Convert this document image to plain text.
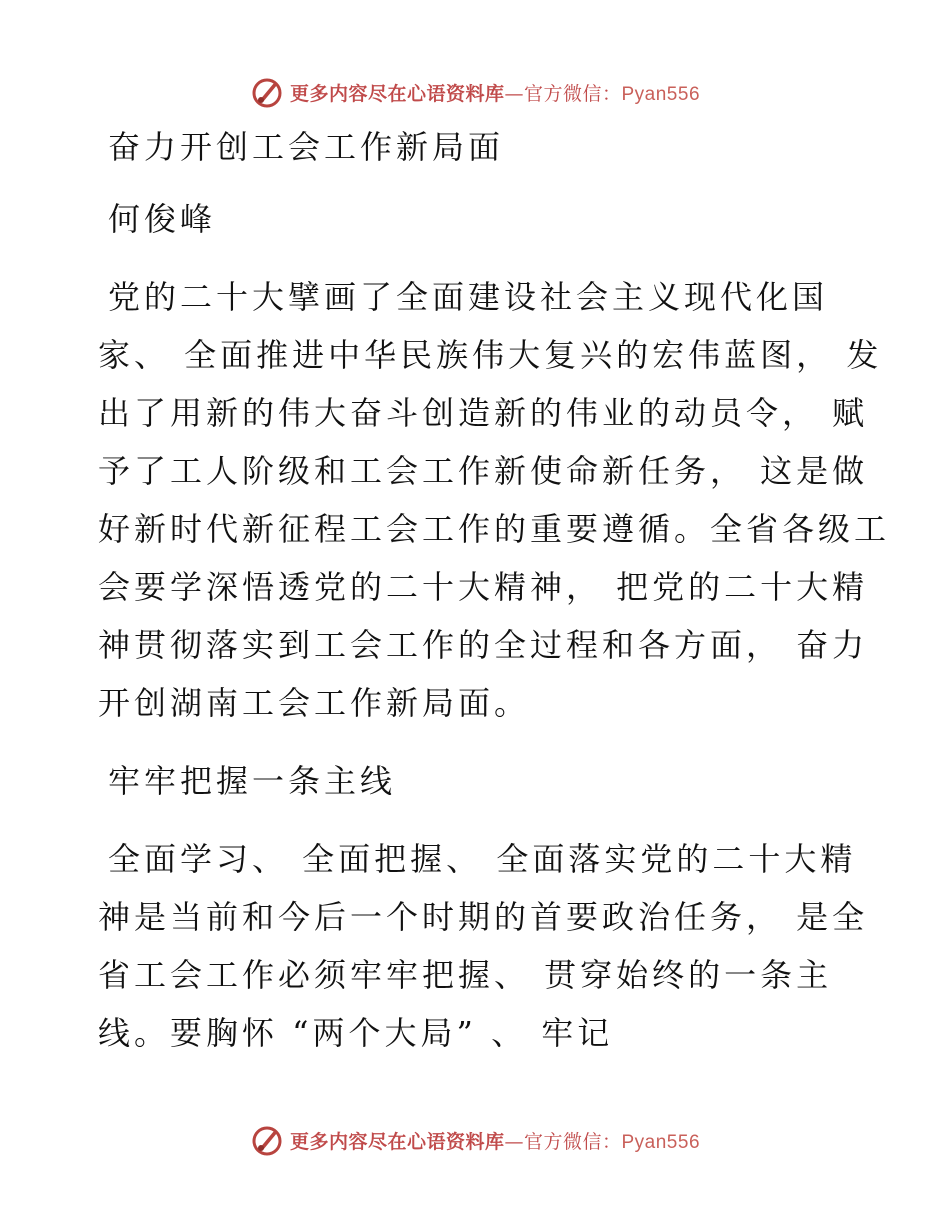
更多内容尽在心语资料库—官方微信：Pyan556
奋力开创工会工作新局面
何俊峰
党的二十大擘画了全面建设社会主义现代化国
家、 全面推进中华民族伟大复兴的宏伟蓝图， 发
出了用新的伟大奋斗创造新的伟业的动员令， 赋
予了工人阶级和工会工作新使命新任务， 这是做
好新时代新征程工会工作的重要遵循。全省各级工
会要学深悟透党的二十大精神， 把党的二十大精
神贯彻落实到工会工作的全过程和各方面， 奋力
开创湖南工会工作新局面。
牢牢把握一条主线
全面学习、 全面把握、 全面落实党的二十大精
神是当前和今后一个时期的首要政治任务， 是全
省工会工作必须牢牢把握、 贯穿始终的一条主
线。要胸怀 “两个大局” 、 牢记
更多内容尽在心语资料库—官方微信：Pyan556
